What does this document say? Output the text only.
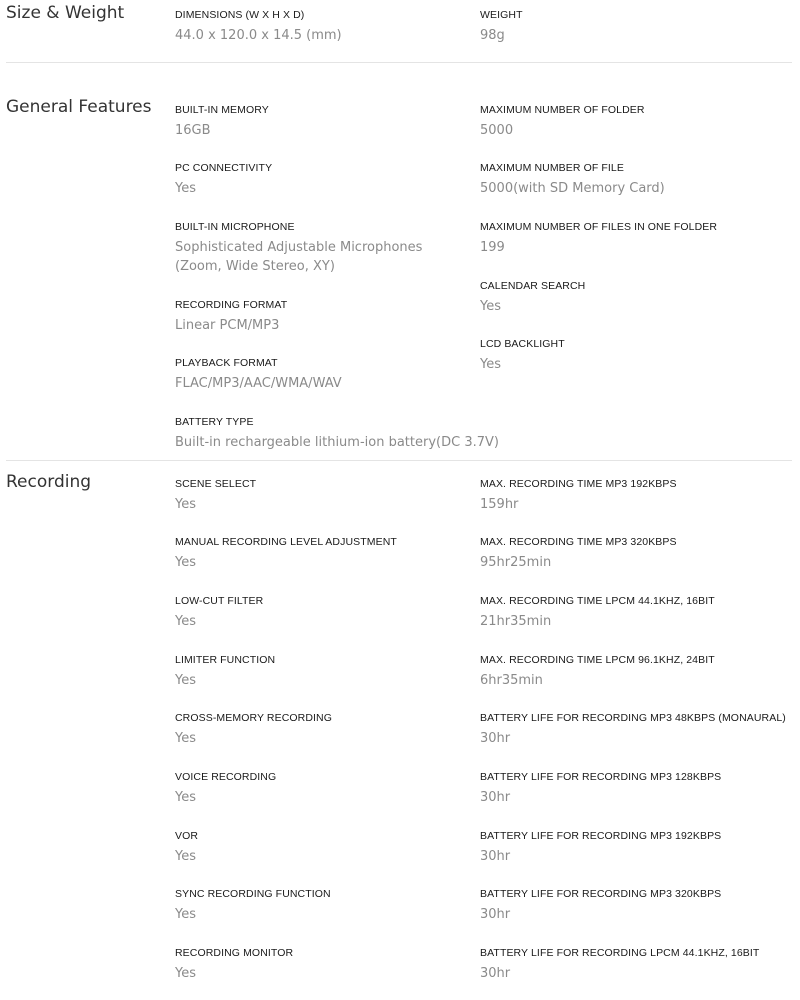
Size & Weight	DIMENSIONS (W X H X D)
44.0 x 120.0 x 14.5 (mm)
WEIGHT
98g
General Features BUILT-IN MEMORY
16GB
PC CONNECTIVITY
Yes
BUILT-IN MICROPHONE
Sophisticated Adjustable Microphones (Zoom, Wide Stereo, XY)
RECORDING FORMAT
Linear PCM/MP3
PLAYBACK FORMAT
FLAC/MP3/AAC/WMA/WAV
BATTERY TYPE
Built-in rechargeable lithium-ion battery(DC 3.7V)
MAXIMUM NUMBER OF FOLDER
5000
MAXIMUM NUMBER OF FILE
5000(with SD Memory Card)
MAXIMUM NUMBER OF FILES IN ONE FOLDER
199
CALENDAR SEARCH
Yes
LCD BACKLIGHT
Yes
Recording	SCENE SELECT
Yes
MANUAL RECORDING LEVEL ADJUSTMENT
Yes
LOW-CUT FILTER
Yes
LIMITER FUNCTION
Yes
CROSS-MEMORY RECORDING
Yes
VOICE RECORDING
Yes
VOR
Yes
SYNC RECORDING FUNCTION
Yes
RECORDING MONITOR
Yes
MAX. RECORDING TIME MP3 192KBPS
159hr
MAX. RECORDING TIME MP3 320KBPS
95hr25min
MAX. RECORDING TIME LPCM 44.1KHZ, 16BIT
21hr35min
MAX. RECORDING TIME LPCM 96.1KHZ, 24BIT
6hr35min
BATTERY LIFE FOR RECORDING MP3 48KBPS (MONAURAL)
30hr
BATTERY LIFE FOR RECORDING MP3 128KBPS
30hr
BATTERY LIFE FOR RECORDING MP3 192KBPS
30hr
BATTERY LIFE FOR RECORDING MP3 320KBPS
30hr
BATTERY LIFE FOR RECORDING LPCM 44.1KHZ, 16BIT
30hr
